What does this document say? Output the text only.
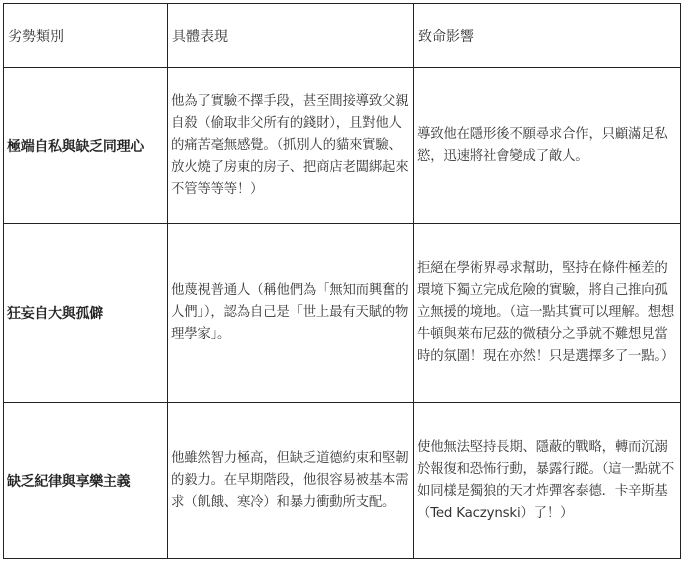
劣勢類別	具體表現	致命影響
極端自私與缺乏同理心	他為了實驗不擇手段，甚至間接導致父親自殺（偷取非父所有的錢財），且對他人的痛苦毫無感覺。（抓別人的貓來實驗、放火燒了房東的房子、把商店老闆綁起來不管等等等！）	導致他在隱形後不願尋求合作，只顧滿足私慾，迅速將社會變成了敵人。
狂妄自大與孤僻	他蔑視普通人（稱他們為「無知而興奮的人們」），認為自己是「世上最有天賦的物理學家」。	拒絕在學術界尋求幫助，堅持在條件極差的環境下獨立完成危險的實驗，將自己推向孤立無援的境地。（這一點其實可以理解。想想牛頓與萊布尼茲的微積分之爭就不難想見當時的氛圍！現在亦然！只是選擇多了一點。）
缺乏紀律與享樂主義	他雖然智力極高，但缺乏道德約束和堅韌的毅力。在早期階段，他很容易被基本需求（飢餓、寒冷）和暴力衝動所支配。	使他無法堅持長期、隱蔽的戰略，轉而沉溺於報復和恐怖行動，暴露行蹤。（這一點就不如同樣是獨狼的天才炸彈客泰德．卡辛斯基（Ted Kaczynski）了！）
